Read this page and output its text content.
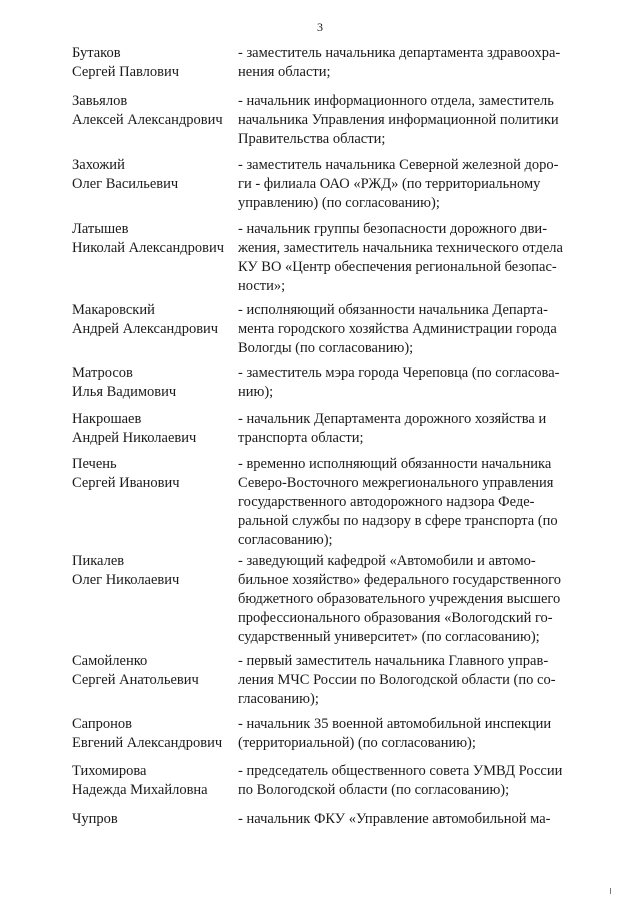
3
Бутаков
Сергей Павлович
- заместитель начальника департамента здравоохра-
нения области;
Завьялов
Алексей Александрович
- начальник информационного отдела, заместитель
начальника Управления информационной политики
Правительства области;
Захожий
Олег Васильевич
- заместитель начальника Северной железной доро-
ги - филиала ОАО «РЖД» (по территориальному
управлению) (по согласованию);
Латышев
Николай Александрович
- начальник группы безопасности дорожного дви-
жения, заместитель начальника технического отдела
КУ ВО «Центр обеспечения региональной безопас-
ности»;
Макаровский
Андрей Александрович
- исполняющий обязанности начальника Департа-
мента городского хозяйства Администрации города
Вологды (по согласованию);
Матросов
Илья Вадимович
- заместитель мэра города Череповца (по согласова-
нию);
Накрошаев
Андрей Николаевич
- начальник Департамента дорожного хозяйства и
транспорта области;
Печень
Сергей Иванович
- временно исполняющий обязанности начальника
Северо-Восточного межрегионального управления
государственного автодорожного надзора Феде-
ральной службы по надзору в сфере транспорта (по
согласованию);
Пикалев
Олег Николаевич
- заведующий кафедрой «Автомобили и автомо-
бильное хозяйство» федерального государственного
бюджетного образовательного учреждения высшего
профессионального образования «Вологодский го-
сударственный университет» (по согласованию);
Самойленко
Сергей Анатольевич
- первый заместитель начальника Главного управ-
ления МЧС России по Вологодской области (по со-
гласованию);
Сапронов
Евгений Александрович
- начальник 35 военной автомобильной инспекции
(территориальной) (по согласованию);
Тихомирова
Надежда Михайловна
- председатель общественного совета УМВД России
по Вологодской области (по согласованию);
Чупров	- начальник ФКУ «Управление автомобильной ма-
